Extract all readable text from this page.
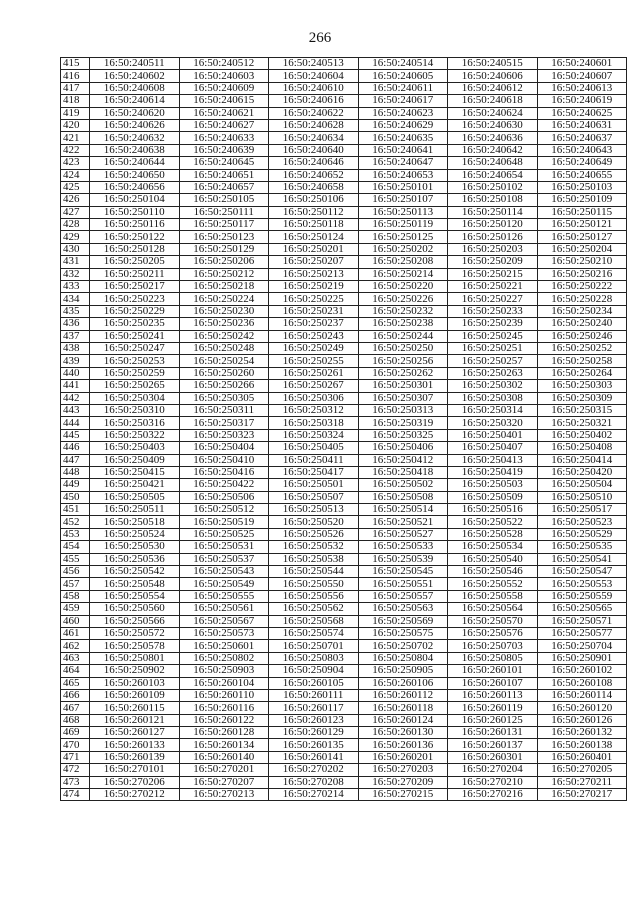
266
415	16:50:240511	16:50:240512	16:50:240513	16:50:240514	16:50:240515	16:50:240601
416	16:50:240602	16:50:240603	16:50:240604	16:50:240605	16:50:240606	16:50:240607
417	16:50:240608	16:50:240609	16:50:240610	16:50:240611	16:50:240612	16:50:240613
418	16:50:240614	16:50:240615	16:50:240616	16:50:240617	16:50:240618	16:50:240619
419	16:50:240620	16:50:240621	16:50:240622	16:50:240623	16:50:240624	16:50:240625
420	16:50:240626	16:50:240627	16:50:240628	16:50:240629	16:50:240630	16:50:240631
421	16:50:240632	16:50:240633	16:50:240634	16:50:240635	16:50:240636	16:50:240637
422	16:50:240638	16:50:240639	16:50:240640	16:50:240641	16:50:240642	16:50:240643
423	16:50:240644	16:50:240645	16:50:240646	16:50:240647	16:50:240648	16:50:240649
424	16:50:240650	16:50:240651	16:50:240652	16:50:240653	16:50:240654	16:50:240655
425	16:50:240656	16:50:240657	16:50:240658	16:50:250101	16:50:250102	16:50:250103
426	16:50:250104	16:50:250105	16:50:250106	16:50:250107	16:50:250108	16:50:250109
427	16:50:250110	16:50:250111	16:50:250112	16:50:250113	16:50:250114	16:50:250115
428	16:50:250116	16:50:250117	16:50:250118	16:50:250119	16:50:250120	16:50:250121
429	16:50:250122	16:50:250123	16:50:250124	16:50:250125	16:50:250126	16:50:250127
430	16:50:250128	16:50:250129	16:50:250201	16:50:250202	16:50:250203	16:50:250204
431	16:50:250205	16:50:250206	16:50:250207	16:50:250208	16:50:250209	16:50:250210
432	16:50:250211	16:50:250212	16:50:250213	16:50:250214	16:50:250215	16:50:250216
433	16:50:250217	16:50:250218	16:50:250219	16:50:250220	16:50:250221	16:50:250222
434	16:50:250223	16:50:250224	16:50:250225	16:50:250226	16:50:250227	16:50:250228
435	16:50:250229	16:50:250230	16:50:250231	16:50:250232	16:50:250233	16:50:250234
436	16:50:250235	16:50:250236	16:50:250237	16:50:250238	16:50:250239	16:50:250240
437	16:50:250241	16:50:250242	16:50:250243	16:50:250244	16:50:250245	16:50:250246
438	16:50:250247	16:50:250248	16:50:250249	16:50:250250	16:50:250251	16:50:250252
439	16:50:250253	16:50:250254	16:50:250255	16:50:250256	16:50:250257	16:50:250258
440	16:50:250259	16:50:250260	16:50:250261	16:50:250262	16:50:250263	16:50:250264
441	16:50:250265	16:50:250266	16:50:250267	16:50:250301	16:50:250302	16:50:250303
442	16:50:250304	16:50:250305	16:50:250306	16:50:250307	16:50:250308	16:50:250309
443	16:50:250310	16:50:250311	16:50:250312	16:50:250313	16:50:250314	16:50:250315
444	16:50:250316	16:50:250317	16:50:250318	16:50:250319	16:50:250320	16:50:250321
445	16:50:250322	16:50:250323	16:50:250324	16:50:250325	16:50:250401	16:50:250402
446	16:50:250403	16:50:250404	16:50:250405	16:50:250406	16:50:250407	16:50:250408
447	16:50:250409	16:50:250410	16:50:250411	16:50:250412	16:50:250413	16:50:250414
448	16:50:250415	16:50:250416	16:50:250417	16:50:250418	16:50:250419	16:50:250420
449	16:50:250421	16:50:250422	16:50:250501	16:50:250502	16:50:250503	16:50:250504
450	16:50:250505	16:50:250506	16:50:250507	16:50:250508	16:50:250509	16:50:250510
451	16:50:250511	16:50:250512	16:50:250513	16:50:250514	16:50:250516	16:50:250517
452	16:50:250518	16:50:250519	16:50:250520	16:50:250521	16:50:250522	16:50:250523
453	16:50:250524	16:50:250525	16:50:250526	16:50:250527	16:50:250528	16:50:250529
454	16:50:250530	16:50:250531	16:50:250532	16:50:250533	16:50:250534	16:50:250535
455	16:50:250536	16:50:250537	16:50:250538	16:50:250539	16:50:250540	16:50:250541
456	16:50:250542	16:50:250543	16:50:250544	16:50:250545	16:50:250546	16:50:250547
457	16:50:250548	16:50:250549	16:50:250550	16:50:250551	16:50:250552	16:50:250553
458	16:50:250554	16:50:250555	16:50:250556	16:50:250557	16:50:250558	16:50:250559
459	16:50:250560	16:50:250561	16:50:250562	16:50:250563	16:50:250564	16:50:250565
460	16:50:250566	16:50:250567	16:50:250568	16:50:250569	16:50:250570	16:50:250571
461	16:50:250572	16:50:250573	16:50:250574	16:50:250575	16:50:250576	16:50:250577
462	16:50:250578	16:50:250601	16:50:250701	16:50:250702	16:50:250703	16:50:250704
463	16:50:250801	16:50:250802	16:50:250803	16:50:250804	16:50:250805	16:50:250901
464	16:50:250902	16:50:250903	16:50:250904	16:50:250905	16:50:260101	16:50:260102
465	16:50:260103	16:50:260104	16:50:260105	16:50:260106	16:50:260107	16:50:260108
466	16:50:260109	16:50:260110	16:50:260111	16:50:260112	16:50:260113	16:50:260114
467	16:50:260115	16:50:260116	16:50:260117	16:50:260118	16:50:260119	16:50:260120
468	16:50:260121	16:50:260122	16:50:260123	16:50:260124	16:50:260125	16:50:260126
469	16:50:260127	16:50:260128	16:50:260129	16:50:260130	16:50:260131	16:50:260132
470	16:50:260133	16:50:260134	16:50:260135	16:50:260136	16:50:260137	16:50:260138
471	16:50:260139	16:50:260140	16:50:260141	16:50:260201	16:50:260301	16:50:260401
472	16:50:270101	16:50:270201	16:50:270202	16:50:270203	16:50:270204	16:50:270205
473	16:50:270206	16:50:270207	16:50:270208	16:50:270209	16:50:270210	16:50:270211
474	16:50:270212	16:50:270213	16:50:270214	16:50:270215	16:50:270216	16:50:270217
